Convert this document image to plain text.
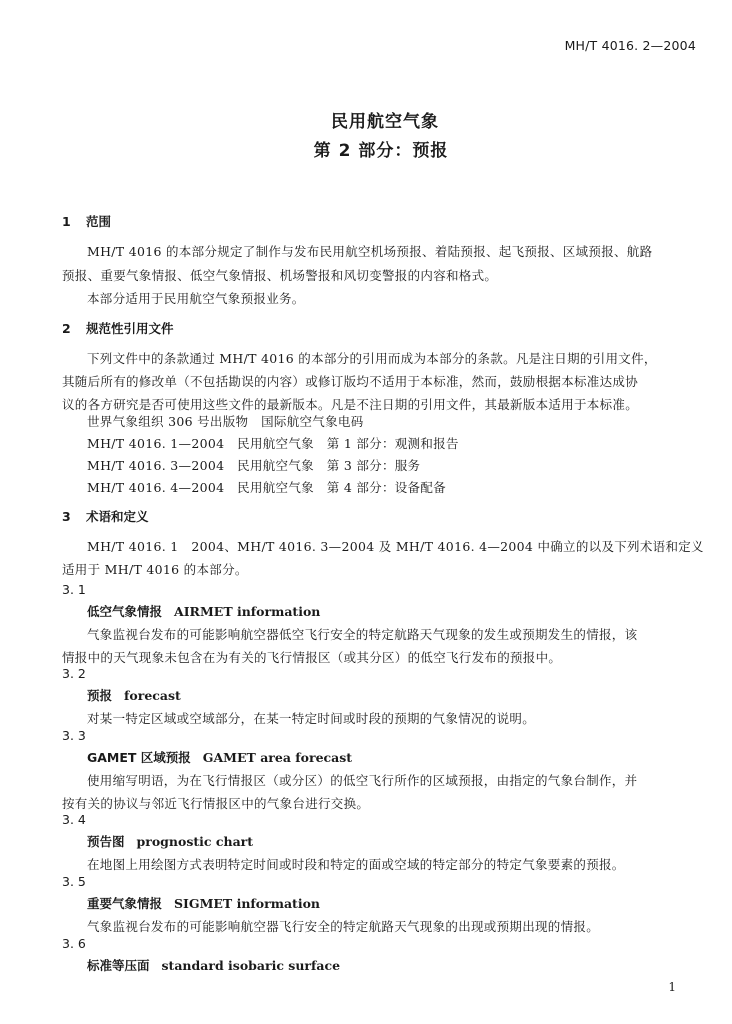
MH/T 4016. 2—2004
民用航空气象
第 2 部分：预报
1 范围
MH/T 4016 的本部分规定了制作与发布民用航空机场预报、着陆预报、起飞预报、区域预报、航路
预报、重要气象情报、低空气象情报、机场警报和风切变警报的内容和格式。
本部分适用于民用航空气象预报业务。
2 规范性引用文件
下列文件中的条款通过 MH/T 4016 的本部分的引用而成为本部分的条款。凡是注日期的引用文件，
其随后所有的修改单（不包括勘误的内容）或修订版均不适用于本标准，然而，鼓励根据本标准达成协
议的各方研究是否可使用这些文件的最新版本。凡是不注日期的引用文件，其最新版本适用于本标准。
世界气象组织 306 号出版物　国际航空气象电码
MH/T 4016. 1—2004　民用航空气象　第 1 部分：观测和报告
MH/T 4016. 3—2004　民用航空气象　第 3 部分：服务
MH/T 4016. 4—2004　民用航空气象　第 4 部分：设备配备
3 术语和定义
MH/T 4016. 1　2004、MH/T 4016. 3—2004 及 MH/T 4016. 4—2004 中确立的以及下列术语和定义
适用于 MH/T 4016 的本部分。
3. 1
低空气象情报 AIRMET information
气象监视台发布的可能影响航空器低空飞行安全的特定航路天气现象的发生或预期发生的情报，该
情报中的天气现象未包含在为有关的飞行情报区（或其分区）的低空飞行发布的预报中。
3. 2
预报 forecast
对某一特定区域或空域部分，在某一特定时间或时段的预期的气象情况的说明。
3. 3
GAMET 区域预报 GAMET area forecast
使用缩写明语，为在飞行情报区（或分区）的低空飞行所作的区域预报，由指定的气象台制作，并
按有关的协议与邻近飞行情报区中的气象台进行交换。
3. 4
预告图 prognostic chart
在地图上用绘图方式表明特定时间或时段和特定的面或空域的特定部分的特定气象要素的预报。
3. 5
重要气象情报 SIGMET information
气象监视台发布的可能影响航空器飞行安全的特定航路天气现象的出现或预期出现的情报。
3. 6
标准等压面 standard isobaric surface
1
